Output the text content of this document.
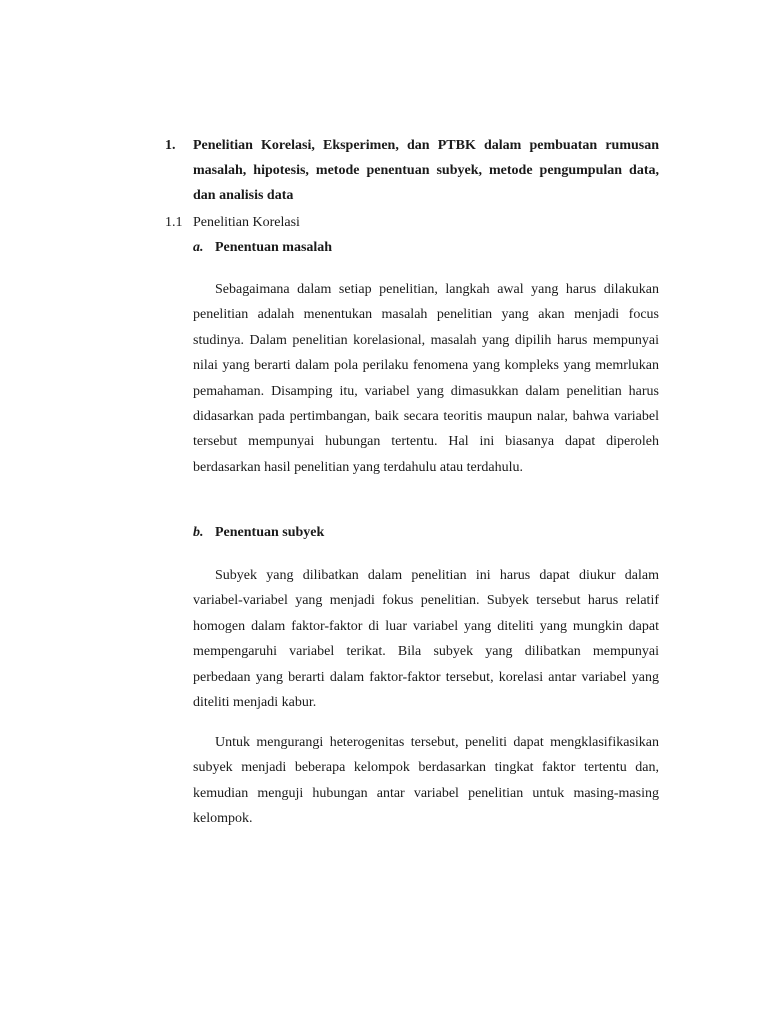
1. Penelitian Korelasi, Eksperimen, dan PTBK dalam pembuatan rumusan masalah, hipotesis, metode penentuan subyek, metode pengumpulan data, dan analisis data
1.1 Penelitian Korelasi
a. Penentuan masalah

Sebagaimana dalam setiap penelitian, langkah awal yang harus dilakukan penelitian adalah menentukan masalah penelitian yang akan menjadi focus studinya. Dalam penelitian korelasional, masalah yang dipilih harus mempunyai nilai yang berarti dalam pola perilaku fenomena yang kompleks yang memrlukan pemahaman. Disamping itu, variabel yang dimasukkan dalam penelitian harus didasarkan pada pertimbangan, baik secara teoritis maupun nalar, bahwa variabel tersebut mempunyai hubungan tertentu. Hal ini biasanya dapat diperoleh berdasarkan hasil penelitian yang terdahulu atau terdahulu.

b. Penentuan subyek

Subyek yang dilibatkan dalam penelitian ini harus dapat diukur dalam variabel-variabel yang menjadi fokus penelitian. Subyek tersebut harus relatif homogen dalam faktor-faktor di luar variabel yang diteliti yang mungkin dapat mempengaruhi variabel terikat. Bila subyek yang dilibatkan mempunyai perbedaan yang berarti dalam faktor-faktor tersebut, korelasi antar variabel yang diteliti menjadi kabur.

Untuk mengurangi heterogenitas tersebut, peneliti dapat mengklasifikasikan subyek menjadi beberapa kelompok berdasarkan tingkat faktor tertentu dan, kemudian menguji hubungan antar variabel penelitian untuk masing-masing kelompok.
